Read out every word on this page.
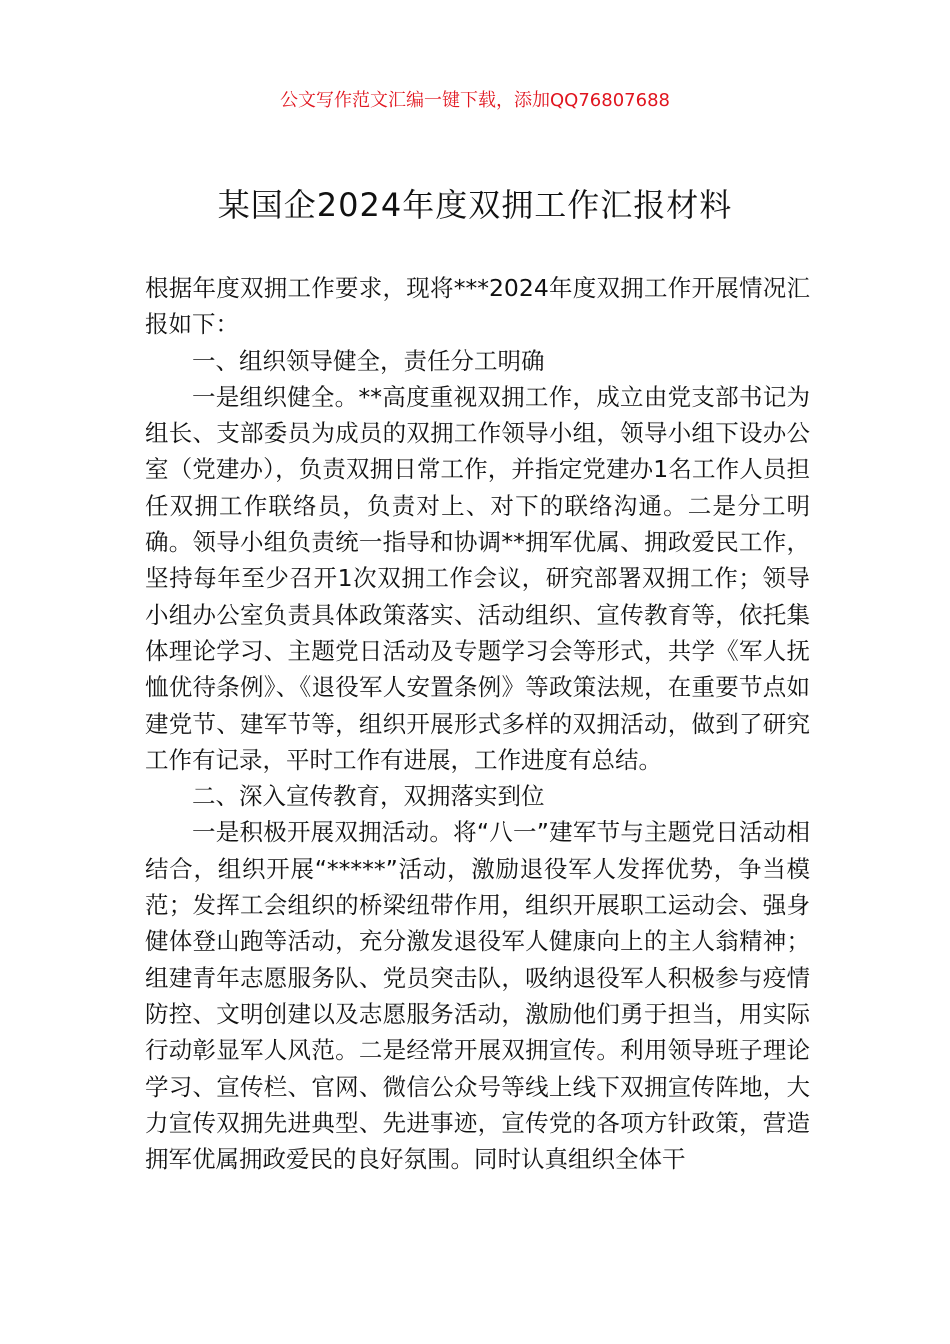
公文写作范文汇编一键下载，添加QQ76807688
某国企2024年度双拥工作汇报材料

根据年度双拥工作要求，现将***2024年度双拥工作开展情况汇报如下：

一、组织领导健全，责任分工明确

一是组织健全。**高度重视双拥工作，成立由党支部书记为组长、支部委员为成员的双拥工作领导小组，领导小组下设办公室（党建办），负责双拥日常工作，并指定党建办1名工作人员担任双拥工作联络员，负责对上、对下的联络沟通。二是分工明确。领导小组负责统一指导和协调**拥军优属、拥政爱民工作，坚持每年至少召开1次双拥工作会议，研究部署双拥工作；领导小组办公室负责具体政策落实、活动组织、宣传教育等，依托集体理论学习、主题党日活动及专题学习会等形式，共学《军人抚恤优待条例》、《退役军人安置条例》等政策法规，在重要节点如建党节、建军节等，组织开展形式多样的双拥活动，做到了研究工作有记录，平时工作有进展，工作进度有总结。

二、深入宣传教育，双拥落实到位

一是积极开展双拥活动。将“八一”建军节与主题党日活动相结合，组织开展“*****”活动，激励退役军人发挥优势，争当模范；发挥工会组织的桥梁纽带作用，组织开展职工运动会、强身健体登山跑等活动，充分激发退役军人健康向上的主人翁精神；组建青年志愿服务队、党员突击队，吸纳退役军人积极参与疫情防控、文明创建以及志愿服务活动，激励他们勇于担当，用实际行动彰显军人风范。二是经常开展双拥宣传。利用领导班子理论学习、宣传栏、官网、微信公众号等线上线下双拥宣传阵地，大力宣传双拥先进典型、先进事迹，宣传党的各项方针政策，营造拥军优属拥政爱民的良好氛围。同时认真组织全体干
